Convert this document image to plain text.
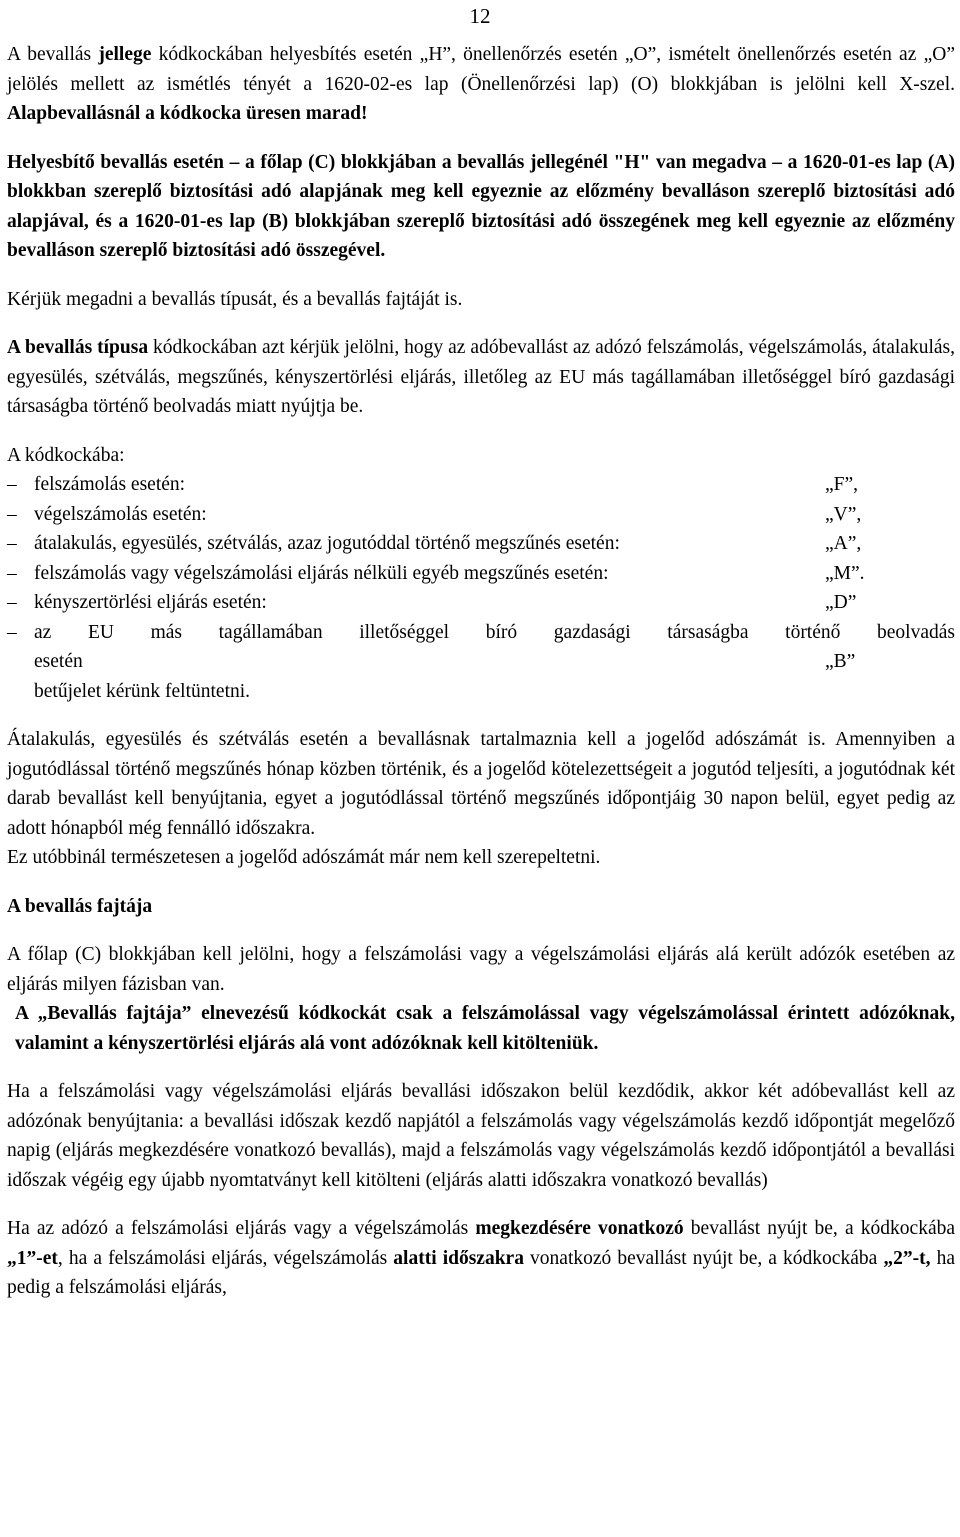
12

A bevallás jellege kódkockában helyesbítés esetén „H”, önellenőrzés esetén „O”, ismételt önellenőrzés esetén az „O” jelölés mellett az ismétlés tényét a 1620-02-es lap (Önellenőrzési lap) (O) blokkjában is jelölni kell X-szel. Alapbevallásnál a kódkocka üresen marad!

Helyesbítő bevallás esetén – a főlap (C) blokkjában a bevallás jellegénél "H" van megadva – a 1620-01-es lap (A) blokkban szereplő biztosítási adó alapjának meg kell egyeznie az előzmény bevalláson szereplő biztosítási adó alapjával, és a 1620-01-es lap (B) blokkjában szereplő biztosítási adó összegének meg kell egyeznie az előzmény bevalláson szereplő biztosítási adó összegével.

Kérjük megadni a bevallás típusát, és a bevallás fajtáját is.

A bevallás típusa kódkockában azt kérjük jelölni, hogy az adóbevallást az adózó felszámolás, végelszámolás, átalakulás, egyesülés, szétválás, megszűnés, kényszertörlési eljárás, illetőleg az EU más tagállamában illetőséggel bíró gazdasági társaságba történő beolvadás miatt nyújtja be.

A kódkockába:

– felszámolás esetén:	„F”,
– végelszámolás esetén:	„V”,
– átalakulás, egyesülés, szétválás, azaz jogutóddal történő megszűnés esetén:	„A”,
– felszámolás vagy végelszámolási eljárás nélküli egyéb megszűnés esetén:	„M”.
– kényszertörlési eljárás esetén:	„D”
– az EU más tagállamában illetőséggel bíró gazdasági társaságba történő beolvadás
esetén	„B”
betűjelet kérünk feltüntetni.

Átalakulás, egyesülés és szétválás esetén a bevallásnak tartalmaznia kell a jogelőd adószámát is. Amennyiben a jogutódlással történő megszűnés hónap közben történik, és a jogelőd kötelezettségeit a jogutód teljesíti, a jogutódnak két darab bevallást kell benyújtania, egyet a jogutódlással történő megszűnés időpontjáig 30 napon belül, egyet pedig az adott hónapból még fennálló időszakra.

Ez utóbbinál természetesen a jogelőd adószámát már nem kell szerepeltetni.

A bevallás fajtája

A főlap (C) blokkjában kell jelölni, hogy a felszámolási vagy a végelszámolási eljárás alá került adózók esetében az eljárás milyen fázisban van.

A „Bevallás fajtája” elnevezésű kódkockát csak a felszámolással vagy végelszámolással érintett adózóknak, valamint a kényszertörlési eljárás alá vont adózóknak kell kitölteniük.

Ha a felszámolási vagy végelszámolási eljárás bevallási időszakon belül kezdődik, akkor két adóbevallást kell az adózónak benyújtania: a bevallási időszak kezdő napjától a felszámolás vagy végelszámolás kezdő időpontját megelőző napig (eljárás megkezdésére vonatkozó bevallás), majd a felszámolás vagy végelszámolás kezdő időpontjától a bevallási időszak végéig egy újabb nyomtatványt kell kitölteni (eljárás alatti időszakra vonatkozó bevallás)

Ha az adózó a felszámolási eljárás vagy a végelszámolás megkezdésére vonatkozó bevallást nyújt be, a kódkockába „1”-et, ha a felszámolási eljárás, végelszámolás alatti időszakra vonatkozó bevallást nyújt be, a kódkockába „2”-t, ha pedig a felszámolási eljárás,
